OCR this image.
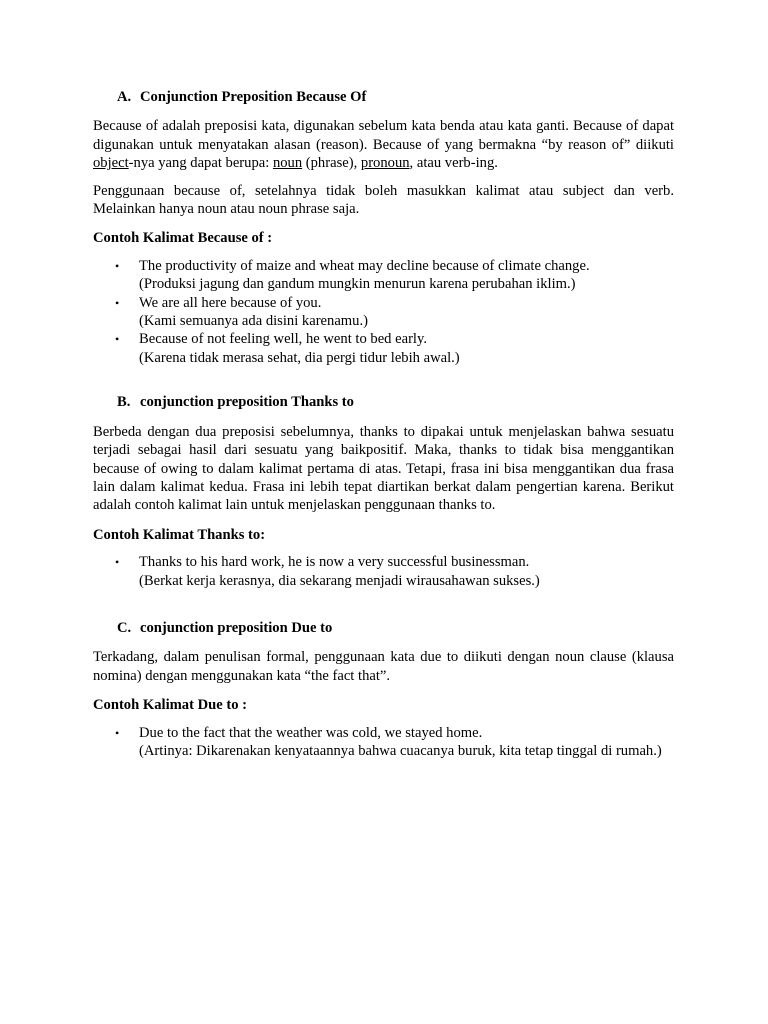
A. Conjunction Preposition Because Of
Because of adalah preposisi kata, digunakan sebelum kata benda atau kata ganti. Because of dapat digunakan untuk menyatakan alasan (reason). Because of yang bermakna “by reason of” diikuti object-nya yang dapat berupa: noun (phrase), pronoun, atau verb-ing.
Penggunaan because of, setelahnya tidak boleh masukkan kalimat atau subject dan verb. Melainkan hanya noun atau noun phrase saja.
Contoh Kalimat Because of :
• The productivity of maize and wheat may decline because of climate change.
(Produksi jagung dan gandum mungkin menurun karena perubahan iklim.)
• We are all here because of you.
(Kami semuanya ada disini karenamu.)
• Because of not feeling well, he went to bed early.
(Karena tidak merasa sehat, dia pergi tidur lebih awal.)
B. conjunction preposition Thanks to
Berbeda dengan dua preposisi sebelumnya, thanks to dipakai untuk menjelaskan bahwa sesuatu terjadi sebagai hasil dari sesuatu yang baikpositif. Maka, thanks to tidak bisa menggantikan because of owing to dalam kalimat pertama di atas. Tetapi, frasa ini bisa menggantikan dua frasa lain dalam kalimat kedua. Frasa ini lebih tepat diartikan berkat dalam pengertian karena. Berikut adalah contoh kalimat lain untuk menjelaskan penggunaan thanks to.
Contoh Kalimat Thanks to:
• Thanks to his hard work, he is now a very successful businessman.
(Berkat kerja kerasnya, dia sekarang menjadi wirausahawan sukses.)
C. conjunction preposition Due to
Terkadang, dalam penulisan formal, penggunaan kata due to diikuti dengan noun clause (klausa nomina) dengan menggunakan kata “the fact that”.
Contoh Kalimat Due to :
• Due to the fact that the weather was cold, we stayed home.
(Artinya: Dikarenakan kenyataannya bahwa cuacanya buruk, kita tetap tinggal di rumah.)
